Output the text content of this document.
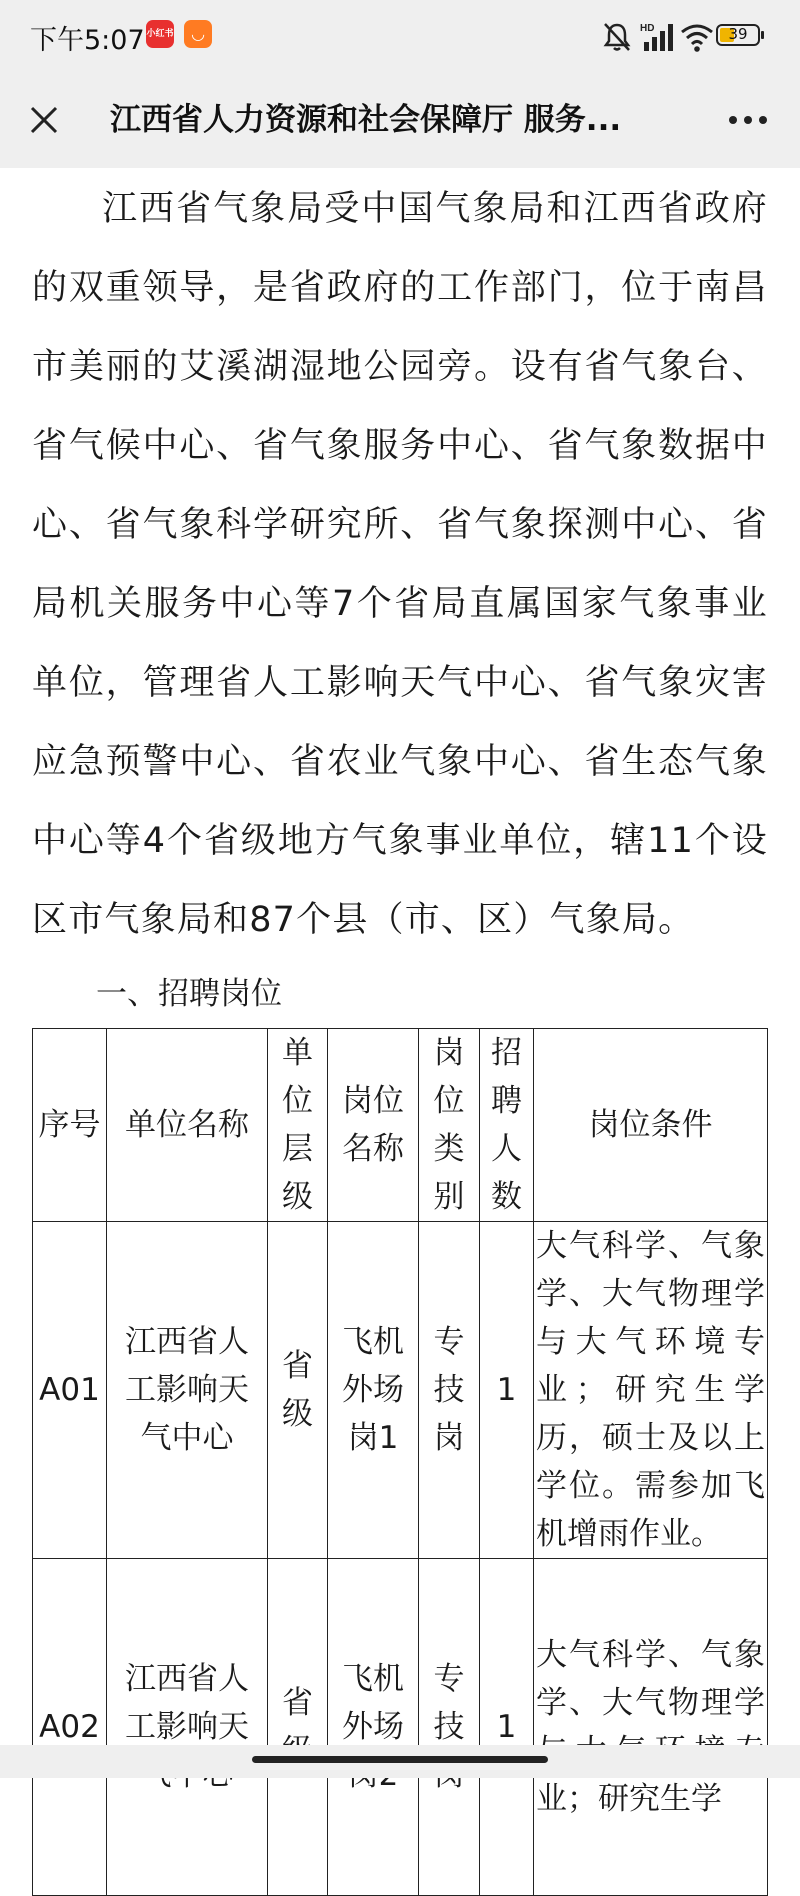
下午5:07 小红书	◡	HD	39
江西省人力资源和社会保障厅 服务...

江西省气象局受中国气象局和江西省政府的双重领导，是省政府的工作部门，位于南昌市美丽的艾溪湖湿地公园旁。设有省气象台、省气候中心、省气象服务中心、省气象数据中心、省气象科学研究所、省气象探测中心、省局机关服务中心等7个省局直属国家气象事业单位，管理省人工影响天气中心、省气象灾害应急预警中心、省农业气象中心、省生态气象中心等4个省级地方气象事业单位，辖11个设区市气象局和87个县（市、区）气象局。

一、招聘岗位
序号	单位名称	单位层级	岗位名称	岗位类别	招聘人数	岗位条件
A01	江西省人工影响天气中心	省级	飞机外场岗1	专技岗	1	大气科学、气象学、大气物理学与大气环境专业；研究生学历，硕士及以上学位。需参加飞机增雨作业。
A02	江西省人工影响天	省	飞机外场	专技	1	大气科学、气象学、大气物理学 业；研究生学
